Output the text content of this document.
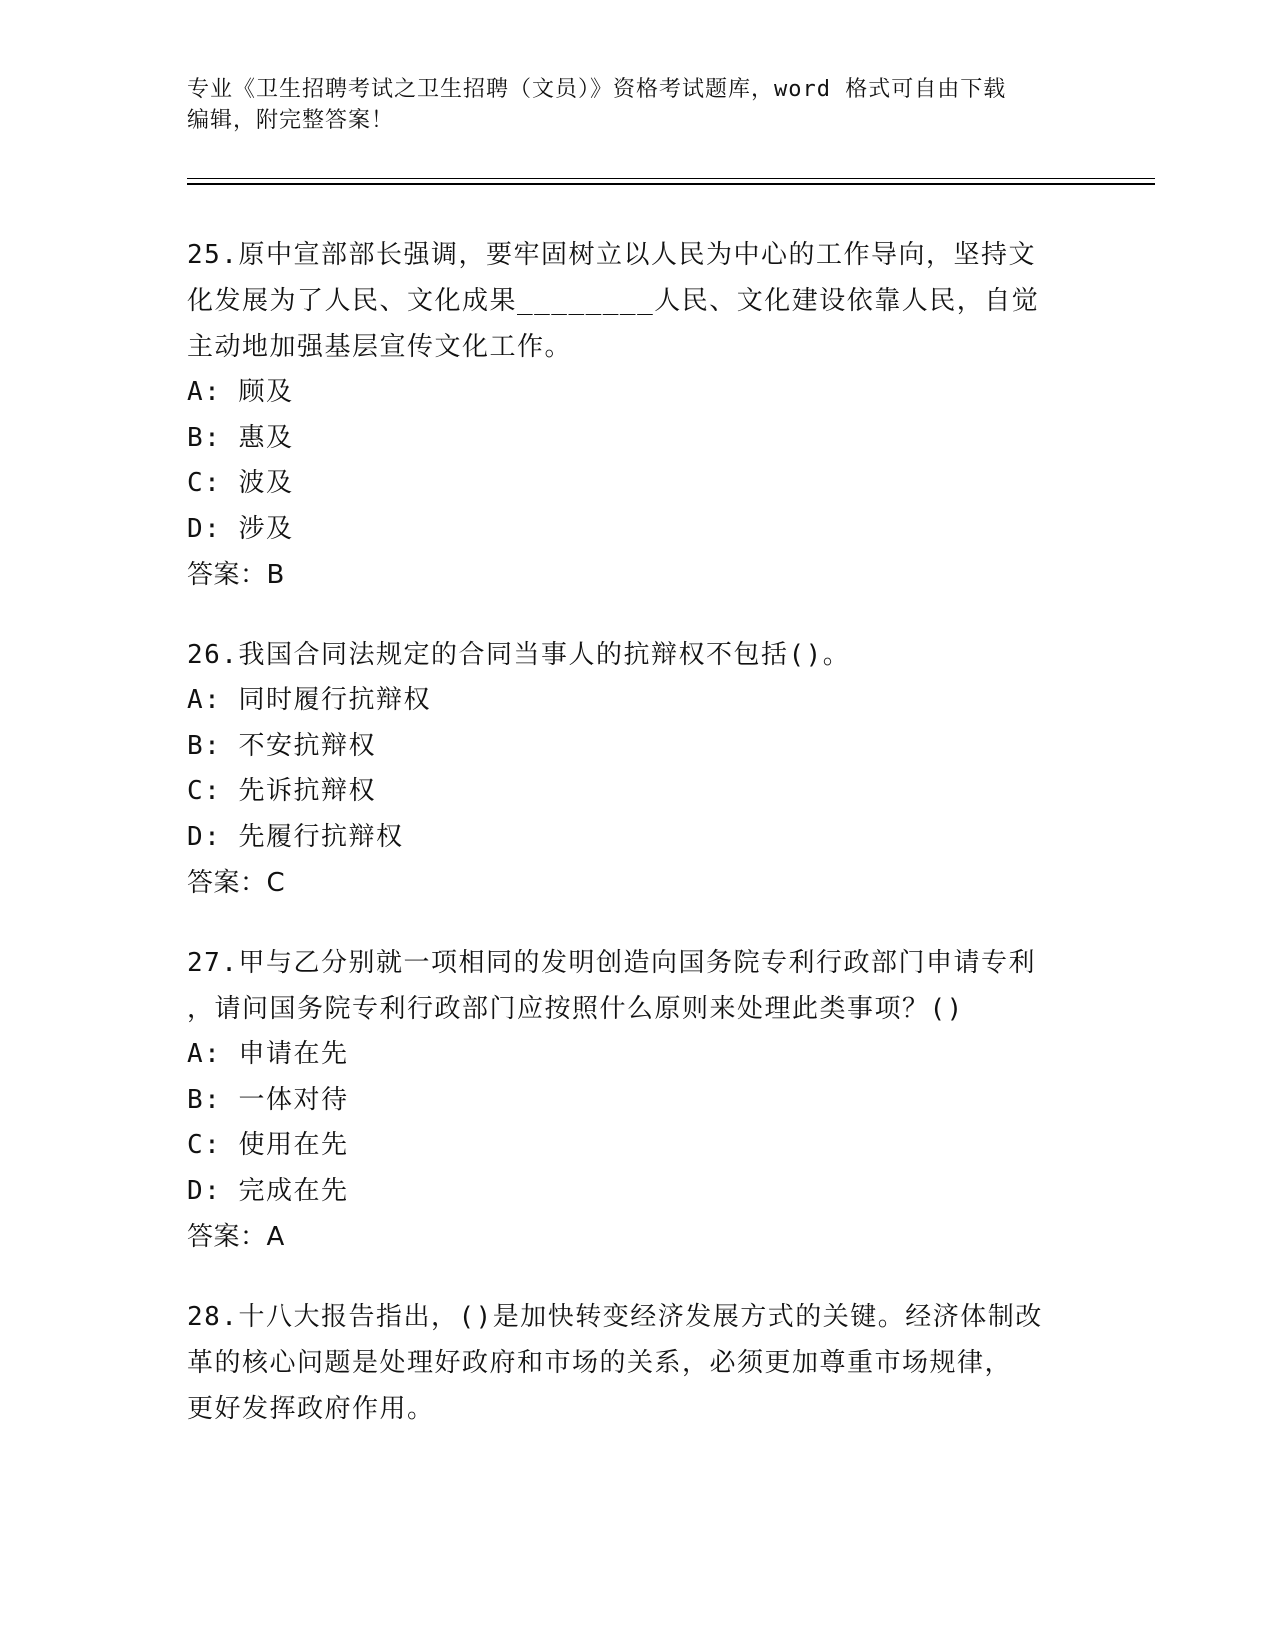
专业《卫生招聘考试之卫生招聘（文员）》资格考试题库，word 格式可自由下载
编辑，附完整答案！

25.原中宣部部长强调，要牢固树立以人民为中心的工作导向，坚持文
化发展为了人民、文化成果________人民、文化建设依靠人民，自觉
主动地加强基层宣传文化工作。

A: 顾及

B: 惠及

C: 波及

D: 涉及

答案：B

26.我国合同法规定的合同当事人的抗辩权不包括()。

A: 同时履行抗辩权

B: 不安抗辩权

C: 先诉抗辩权

D: 先履行抗辩权

答案：C

27.甲与乙分别就一项相同的发明创造向国务院专利行政部门申请专利
，请问国务院专利行政部门应按照什么原则来处理此类事项？()

A: 申请在先

B: 一体对待

C: 使用在先

D: 完成在先

答案：A

28.十八大报告指出，()是加快转变经济发展方式的关键。经济体制改
革的核心问题是处理好政府和市场的关系，必须更加尊重市场规律，
更好发挥政府作用。
